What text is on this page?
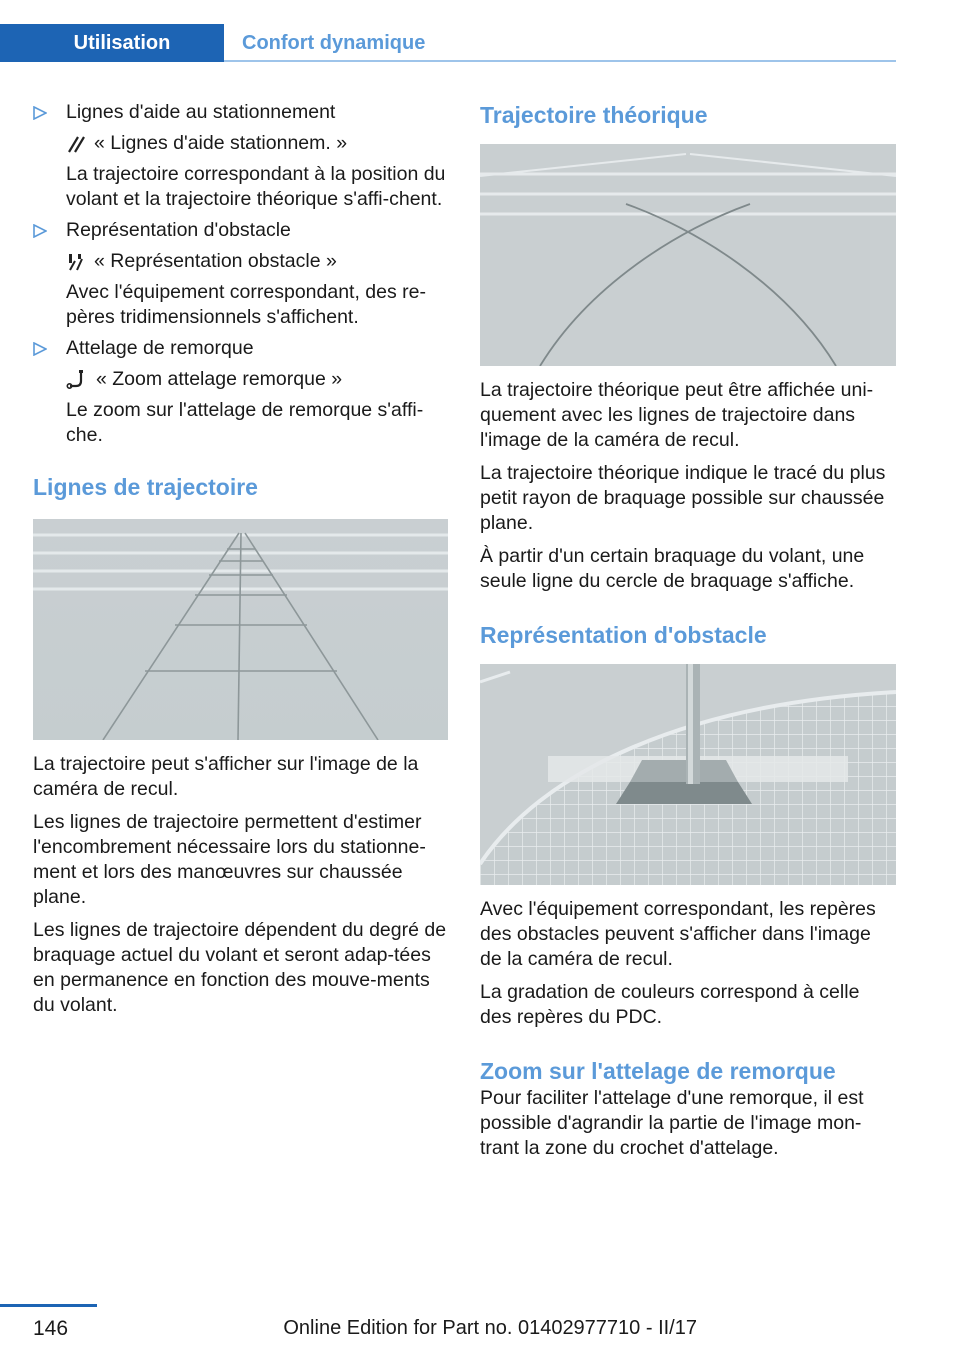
Utilisation	Confort dynamique

Lignes d'aide au stationnement

« Lignes d'aide stationnem. »

La trajectoire correspondant à la position du volant et la trajectoire théorique s'affi‐chent.

Représentation d'obstacle

« Représentation obstacle »

Avec l'équipement correspondant, des re‐pères tridimensionnels s'affichent.

Attelage de remorque

« Zoom attelage remorque »

Le zoom sur l'attelage de remorque s'affi‐che.

Lignes de trajectoire

La trajectoire peut s'afficher sur l'image de la caméra de recul.

Les lignes de trajectoire permettent d'estimer l'encombrement nécessaire lors du stationne‐ment et lors des manœuvres sur chaussée plane.

Les lignes de trajectoire dépendent du degré de braquage actuel du volant et seront adap‐tées en permanence en fonction des mouve‐ments du volant.

Trajectoire théorique

La trajectoire théorique peut être affichée uni‐quement avec les lignes de trajectoire dans l'image de la caméra de recul.

La trajectoire théorique indique le tracé du plus petit rayon de braquage possible sur chaussée plane.

À partir d'un certain braquage du volant, une seule ligne du cercle de braquage s'affiche.

Représentation d'obstacle

Avec l'équipement correspondant, les repères des obstacles peuvent s'afficher dans l'image de la caméra de recul.

La gradation de couleurs correspond à celle des repères du PDC.

Zoom sur l'attelage de remorque

Pour faciliter l'attelage d'une remorque, il est possible d'agrandir la partie de l'image mon‐trant la zone du crochet d'attelage.

146	Online Edition for Part no. 01402977710 - II/17
